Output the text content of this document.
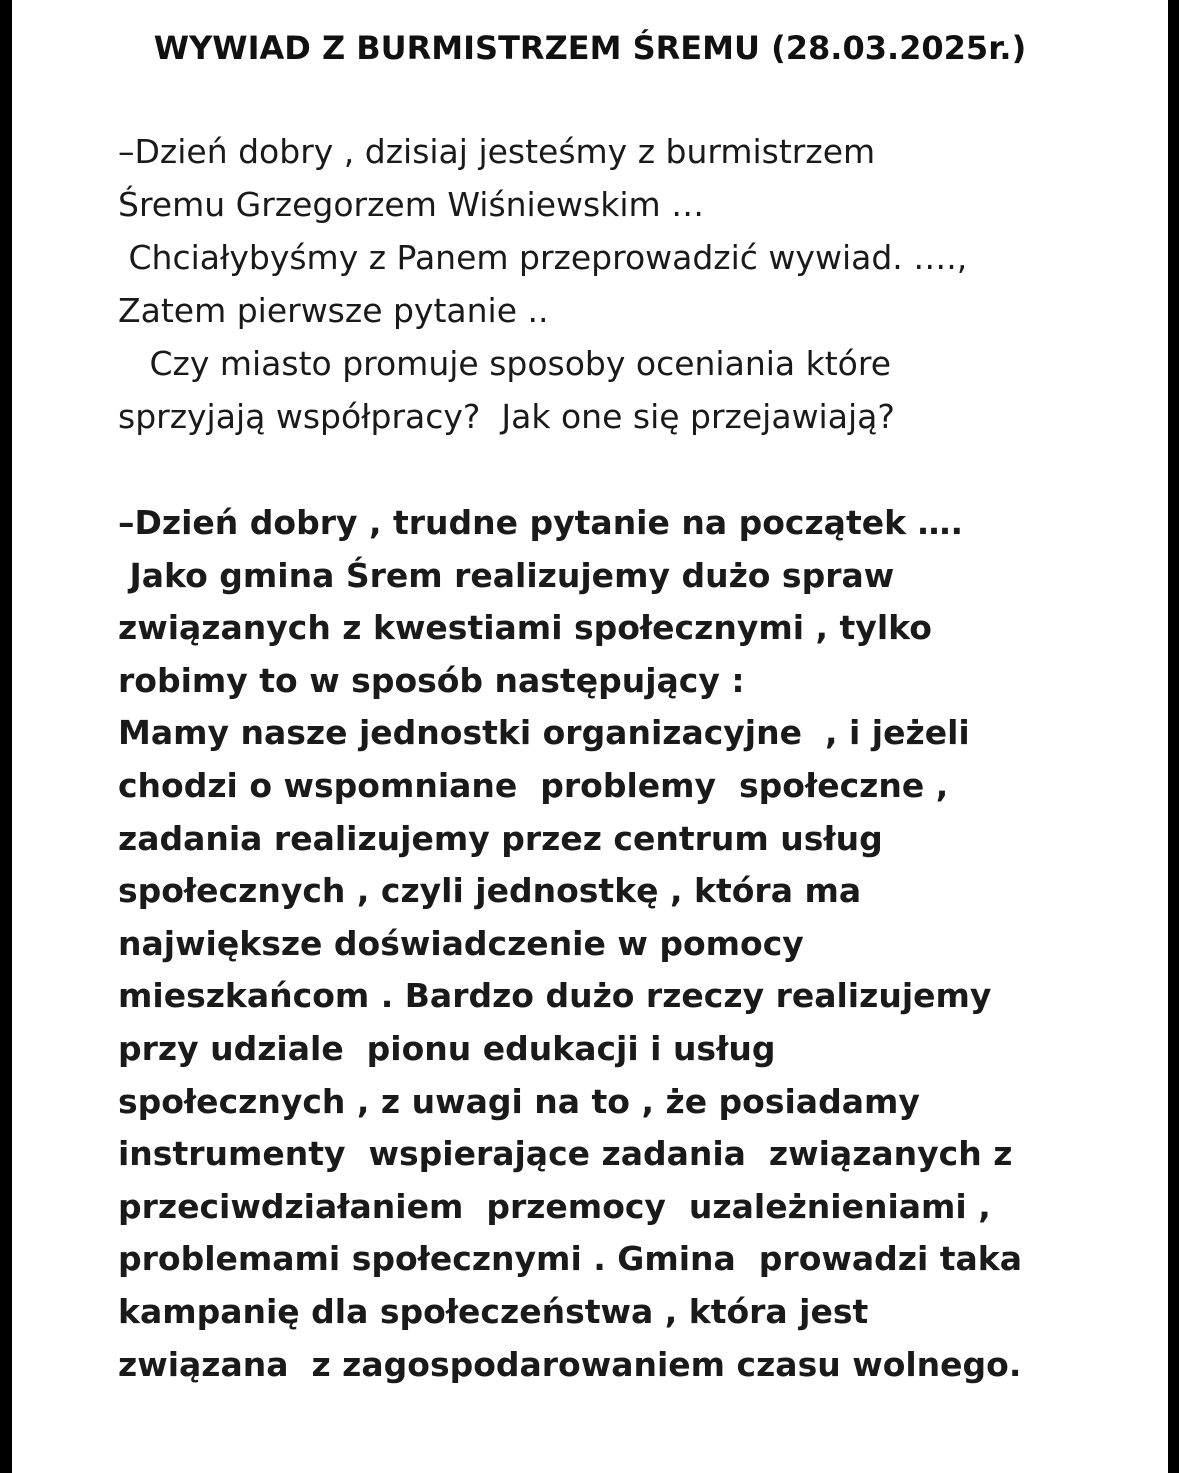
WYWIAD Z BURMISTRZEM ŚREMU (28.03.2025r.)
–Dzień dobry , dzisiaj jesteśmy z burmistrzem
Śremu Grzegorzem Wiśniewskim …
Chciałybyśmy z Panem przeprowadzić wywiad. ….,
Zatem pierwsze pytanie ..
Czy miasto promuje sposoby oceniania które
sprzyjają współpracy?  Jak one się przejawiają?
–Dzień dobry , trudne pytanie na początek ….
Jako gmina Śrem realizujemy dużo spraw
związanych z kwestiami społecznymi , tylko
robimy to w sposób następujący :
Mamy nasze jednostki organizacyjne  , i jeżeli
chodzi o wspomniane  problemy  społeczne ,
zadania realizujemy przez centrum usług
społecznych , czyli jednostkę , która ma
największe doświadczenie w pomocy
mieszkańcom . Bardzo dużo rzeczy realizujemy
przy udziale  pionu edukacji i usług
społecznych , z uwagi na to , że posiadamy
instrumenty  wspierające zadania  związanych z
przeciwdziałaniem  przemocy  uzależnieniami ,
problemami społecznymi . Gmina  prowadzi taka
kampanię dla społeczeństwa , która jest
związana  z zagospodarowaniem czasu wolnego.
